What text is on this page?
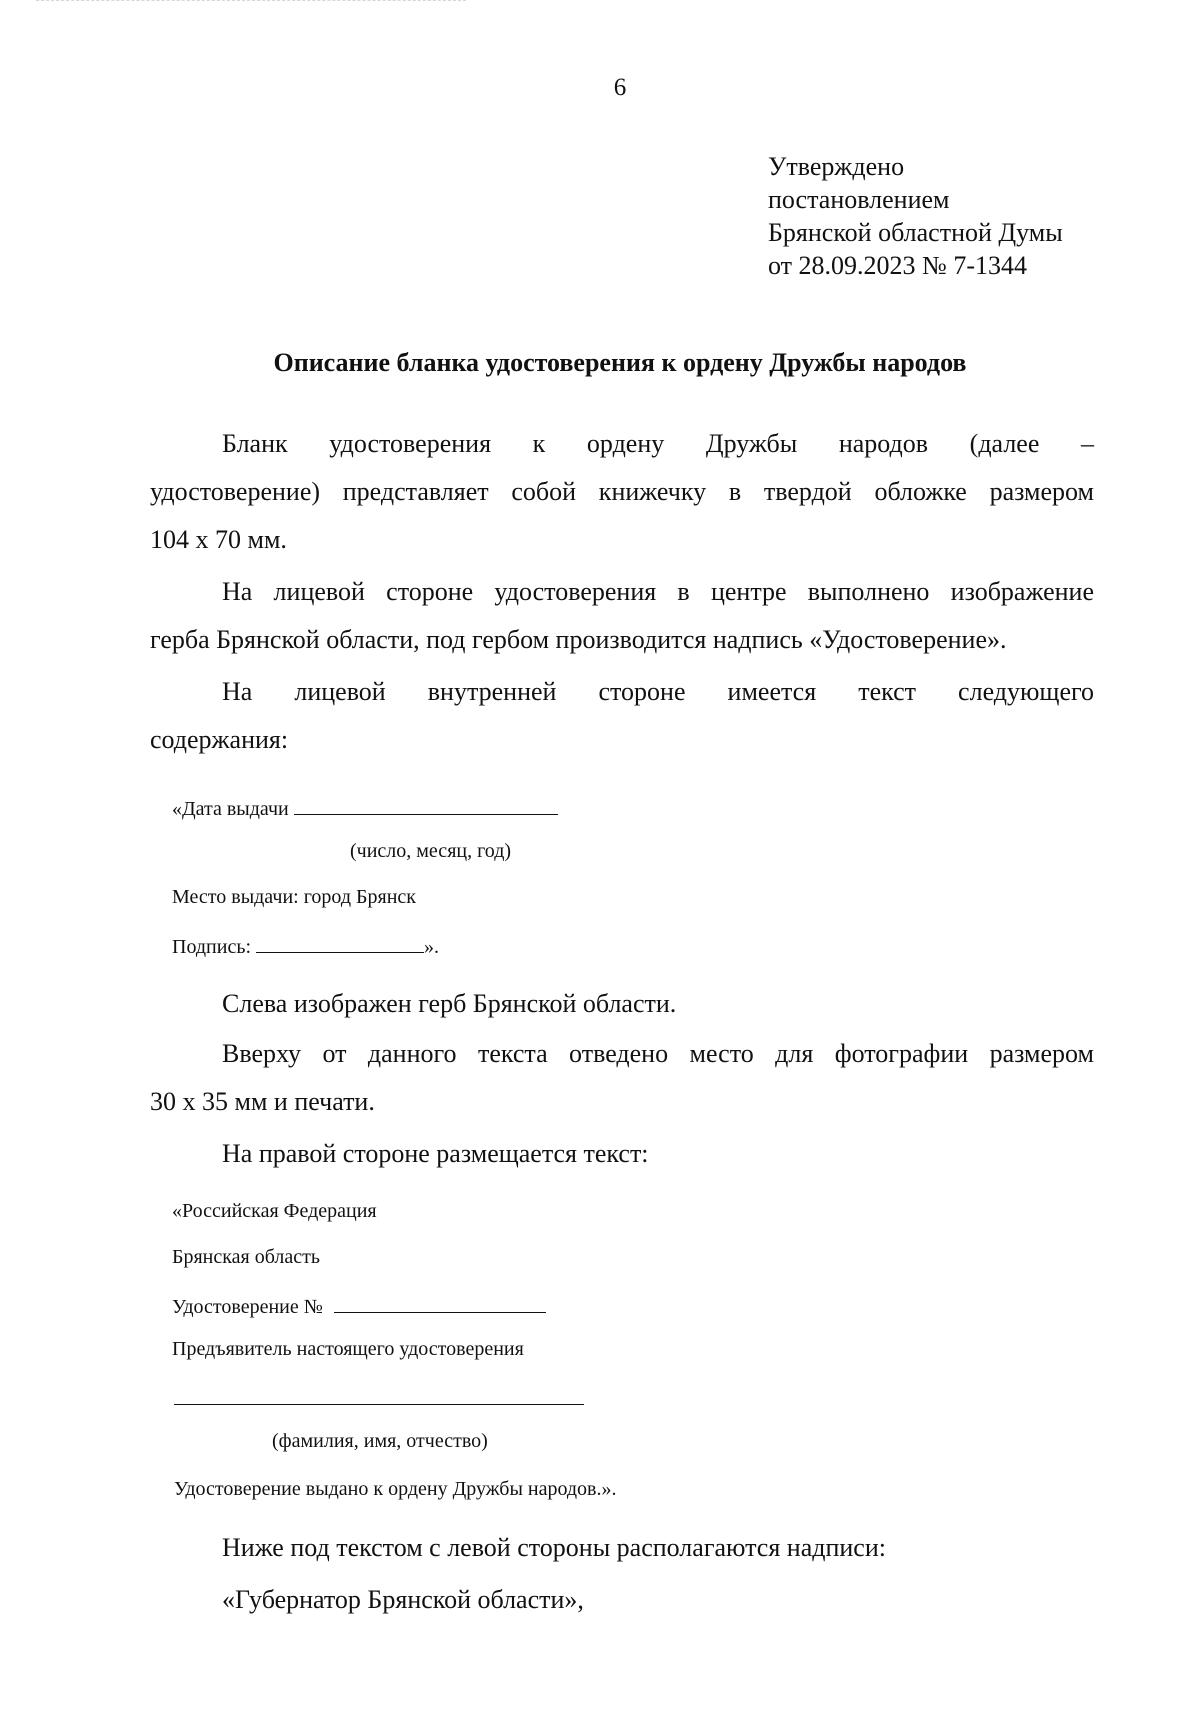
6
Утверждено
постановлением
Брянской областной Думы
от 28.09.2023 № 7-1344
Описание бланка удостоверения к ордену Дружбы народов
Бланк удостоверения к ордену Дружбы народов (далее –
удостоверение) представляет собой книжечку в твердой обложке размером
104 х 70 мм.
На лицевой стороне удостоверения в центре выполнено изображение
герба Брянской области, под гербом производится надпись «Удостоверение».
На лицевой внутренней стороне имеется текст следующего
содержания:
«Дата выдачи
(число, месяц, год)
Место выдачи: город Брянск
Подпись:	».
Слева изображен герб Брянской области.
Вверху от данного текста отведено место для фотографии размером
30 х 35 мм и печати.
На правой стороне размещается текст:
«Российская Федерация
Брянская область
Удостоверение №
Предъявитель настоящего удостоверения
(фамилия, имя, отчество)
Удостоверение выдано к ордену Дружбы народов.».
Ниже под текстом с левой стороны располагаются надписи:
«Губернатор Брянской области»,
